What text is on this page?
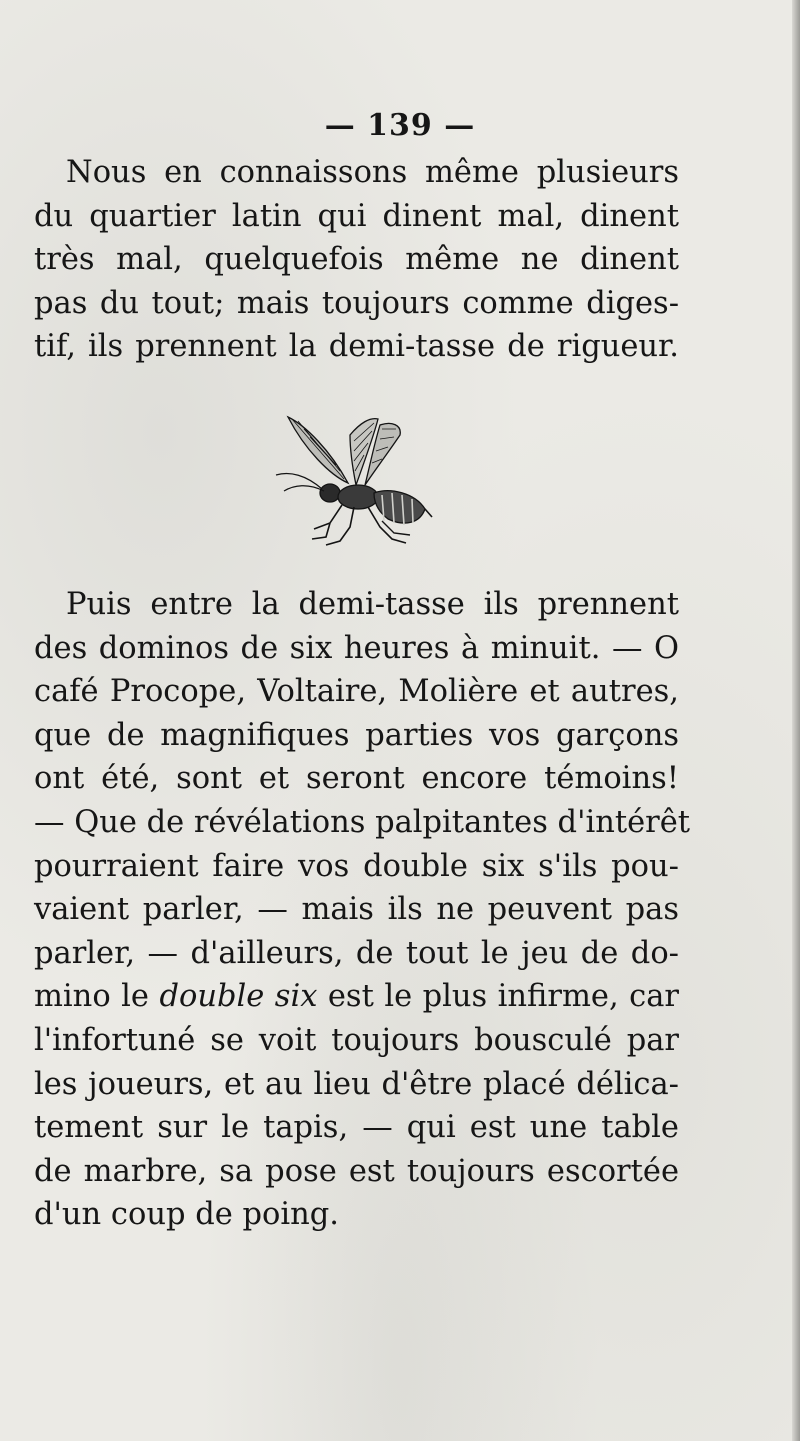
— 139 —
Nous en connaissons même plusieurs
du quartier latin qui dinent mal, dinent
très mal, quelquefois même ne dinent
pas du tout; mais toujours comme diges-
tif, ils prennent la demi-tasse de rigueur.
Puis entre la demi-tasse ils prennent
des dominos de six heures à minuit. — O
café Procope, Voltaire, Molière et autres,
que de magnifiques parties vos garçons
ont été, sont et seront encore témoins!
— Que de révélations palpitantes d'intérêt
pourraient faire vos double six s'ils pou-
vaient parler, — mais ils ne peuvent pas
parler, — d'ailleurs, de tout le jeu de do-
mino le double six est le plus infirme, car
l'infortuné se voit toujours bousculé par
les joueurs, et au lieu d'être placé délica-
tement sur le tapis, — qui est une table
de marbre, sa pose est toujours escortée
d'un coup de poing.
